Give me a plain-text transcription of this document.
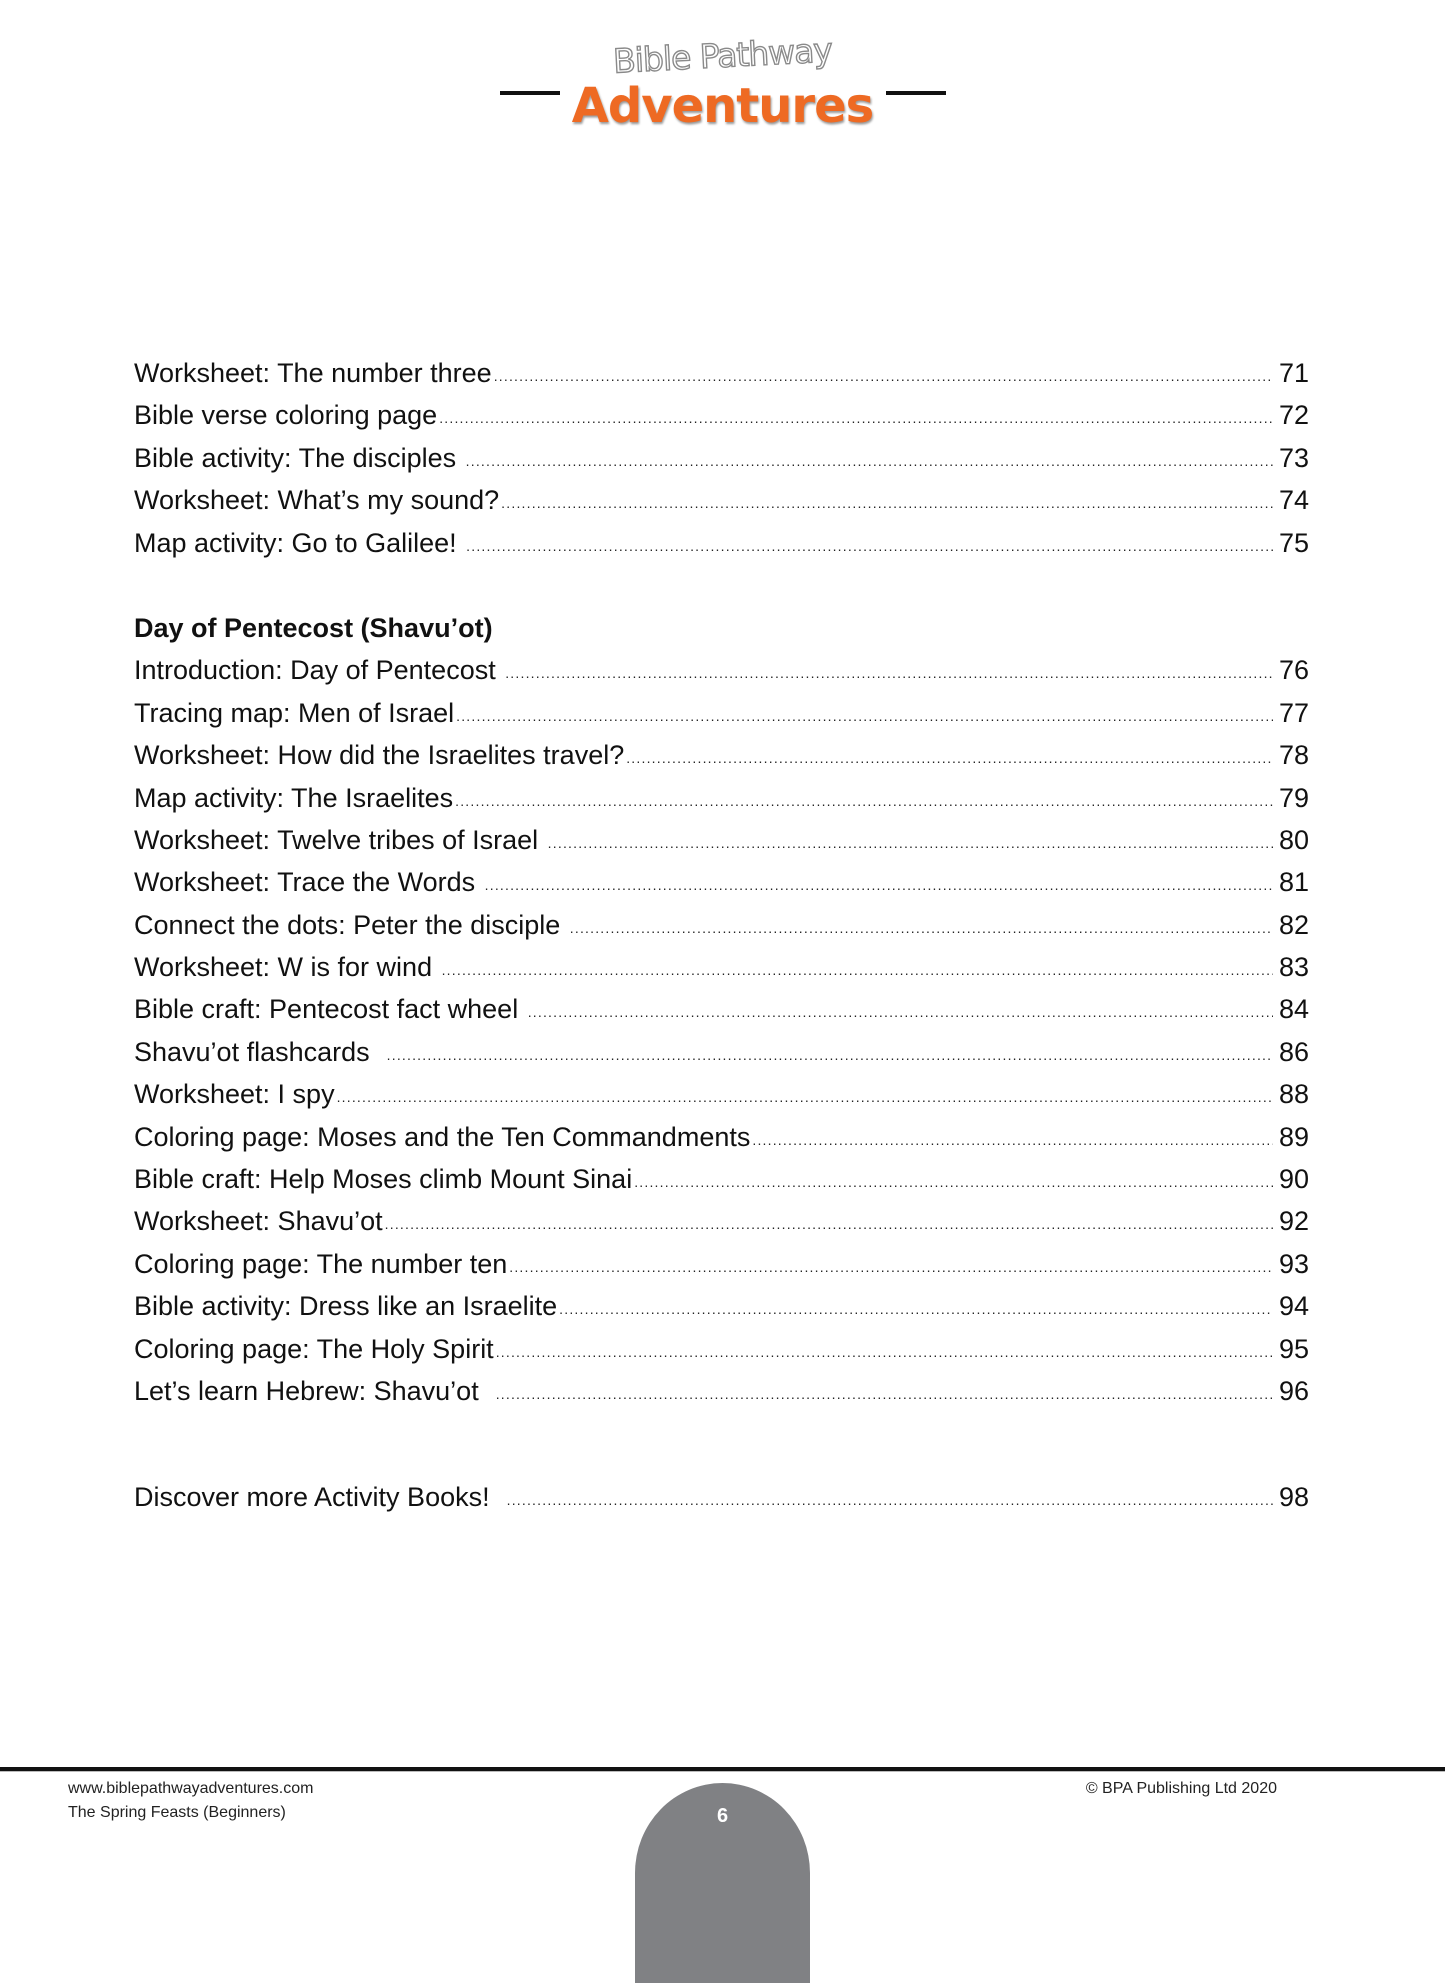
Bible Pathway
Adventures
Worksheet: The number three .....	71
Bible verse coloring page .....	72
Bible activity: The disciples .....	73
Worksheet: What’s my sound? .....	74
Map activity: Go to Galilee! .....	75
Day of Pentecost (Shavu’ot)
Introduction: Day of Pentecost .....	76
Tracing map: Men of Israel .....	77
Worksheet: How did the Israelites travel? .....	78
Map activity: The Israelites .....	79
Worksheet: Twelve tribes of Israel .....	80
Worksheet: Trace the Words .....	81
Connect the dots: Peter the disciple .....	82
Worksheet: W is for wind .....	83
Bible craft: Pentecost fact wheel .....	84
Shavu’ot flashcards .....	86
Worksheet: I spy .....	88
Coloring page: Moses and the Ten Commandments .....	89
Bible craft: Help Moses climb Mount Sinai .....	90
Worksheet: Shavu’ot .....	92
Coloring page: The number ten .....	93
Bible activity: Dress like an Israelite .....	94
Coloring page: The Holy Spirit .....	95
Let’s learn Hebrew: Shavu’ot .....	96
Discover more Activity Books! .....	98
www.biblepathwayadventures.com
The Spring Feasts (Beginners)	6
© BPA Publishing Ltd 2020
